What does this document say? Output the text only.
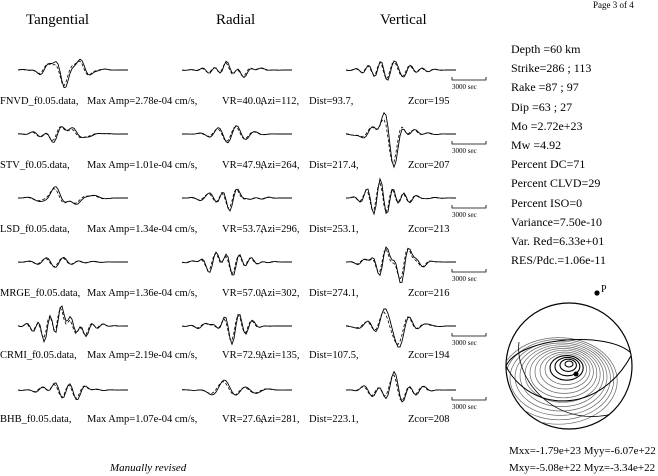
Page 3 of 4
Tangential	Radial	Vertical
3000 sec
3000 sec
3000 sec
3000 sec
3000 sec
3000 sec
FNVD_f0.05.data, Max Amp=2.78e-04 cm/s, VR=40.0,
Azi=112, Dist=93.7,	Zcor=195
STV_f0.05.data, Max Amp=1.01e-04 cm/s, VR=47.9,
Azi=264, Dist=217.4,	Zcor=207
LSD_f0.05.data, Max Amp=1.34e-04 cm/s, VR=53.7,
Azi=296, Dist=253.1,	Zcor=213
MRGE_f0.05.data, Max Amp=1.36e-04 cm/s, VR=57.0,
Azi=302, Dist=274.1,	Zcor=216
CRMI_f0.05.data, Max Amp=2.19e-04 cm/s, VR=72.9,
Azi=135, Dist=107.5,	Zcor=194
BHB_f0.05.data, Max Amp=1.07e-04 cm/s, VR=27.6,
Azi=281, Dist=223.1,	Zcor=208
Depth =60 km
Strike=286 ; 113
Rake =87 ; 97
Dip =63 ; 27
Mo =2.72e+23
Mw =4.92
Percent DC=71
Percent CLVD=29
Percent ISO=0
Variance=7.50e-10
Var. Red=6.33e+01
RES/Pdc.=1.06e-11
P
Mxx=-1.79e+23 Myy=-6.07e+22
Mxy=-5.08e+22 Myz=-3.34e+22
Manually revised
